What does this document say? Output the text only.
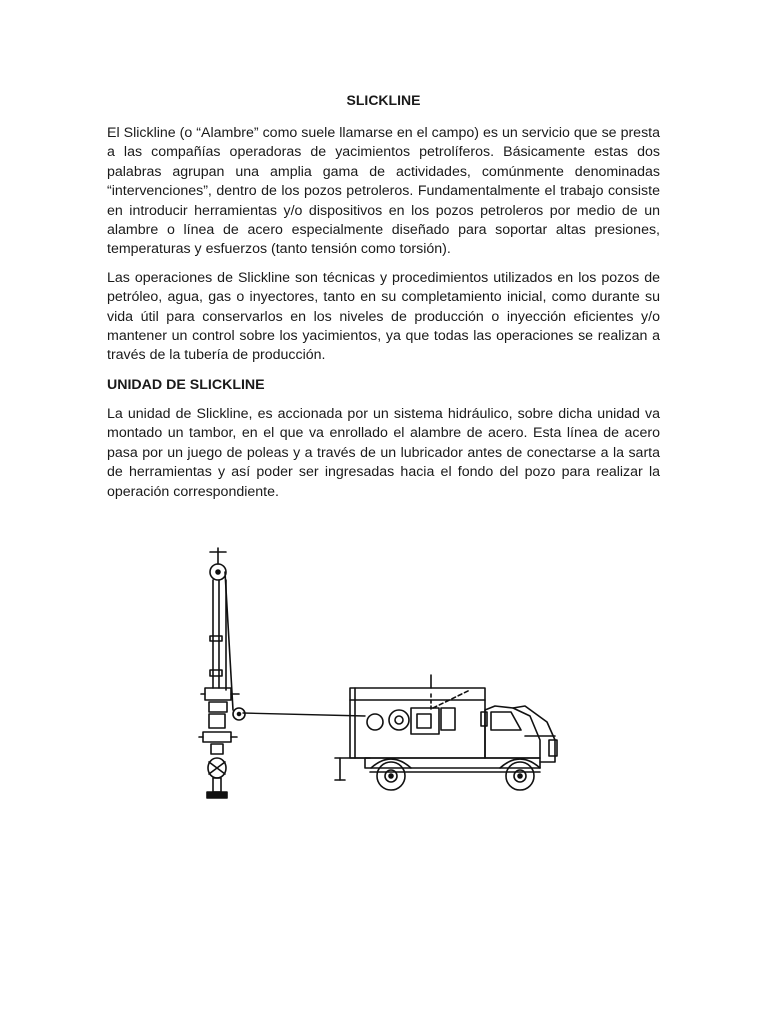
SLICKLINE

El Slickline (o “Alambre” como suele llamarse en el campo) es un servicio que se presta a las compañías operadoras de yacimientos petrolíferos. Básicamente estas dos palabras agrupan una amplia gama de actividades, comúnmente denominadas “intervenciones”, dentro de los pozos petroleros. Fundamentalmente el trabajo consiste en introducir herramientas y/o dispositivos en los pozos petroleros por medio de un alambre o línea de acero especialmente diseñado para soportar altas presiones, temperaturas y esfuerzos (tanto tensión como torsión).

Las operaciones de Slickline son técnicas y procedimientos utilizados en los pozos de petróleo, agua, gas o inyectores, tanto en su completamiento inicial, como durante su vida útil para conservarlos en los niveles de producción o inyección eficientes y/o mantener un control sobre los yacimientos, ya que todas las operaciones se realizan a través de la tubería de producción.

UNIDAD DE SLICKLINE

La unidad de Slickline, es accionada por un sistema hidráulico, sobre dicha unidad va montado un tambor, en el que va enrollado el alambre de acero. Esta línea de acero pasa por un juego de poleas y a través de un lubricador antes de conectarse a la sarta de herramientas y así poder ser ingresadas hacia el fondo del pozo para realizar la operación correspondiente.
